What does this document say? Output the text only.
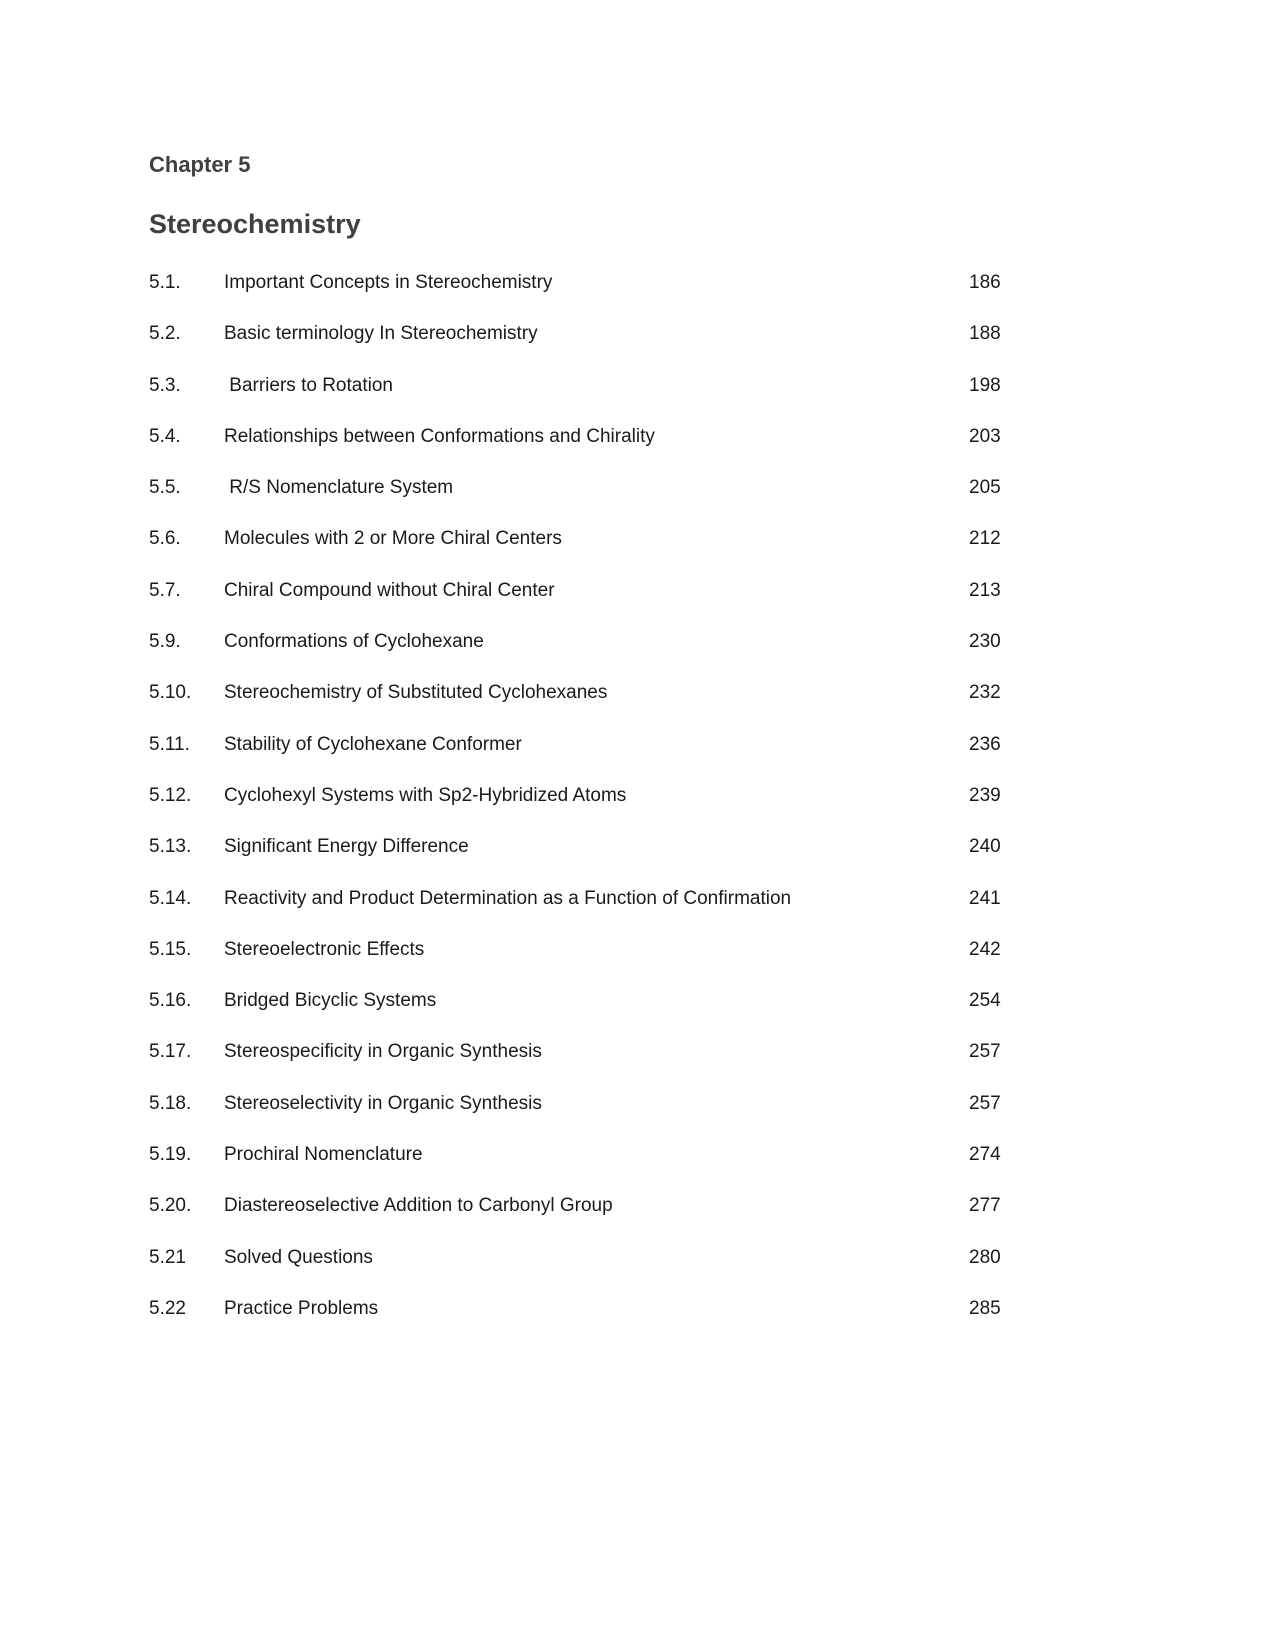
Chapter 5
Stereochemistry
5.1. Important Concepts in Stereochemistry	186
5.2. Basic terminology In Stereochemistry	188
5.3. Barriers to Rotation	198
5.4. Relationships between Conformations and Chirality	203
5.5. R/S Nomenclature System	205
5.6. Molecules with 2 or More Chiral Centers	212
5.7. Chiral Compound without Chiral Center	213
5.9. Conformations of Cyclohexane	230
5.10. Stereochemistry of Substituted Cyclohexanes	232
5.11. Stability of Cyclohexane Conformer	236
5.12. Cyclohexyl Systems with Sp2-Hybridized Atoms	239
5.13. Significant Energy Difference	240
5.14. Reactivity and Product Determination as a Function of Confirmation	241
5.15. Stereoelectronic Effects	242
5.16. Bridged Bicyclic Systems	254
5.17. Stereospecificity in Organic Synthesis	257
5.18. Stereoselectivity in Organic Synthesis	257
5.19. Prochiral Nomenclature	274
5.20. Diastereoselective Addition to Carbonyl Group	277
5.21 Solved Questions	280
5.22 Practice Problems	285
